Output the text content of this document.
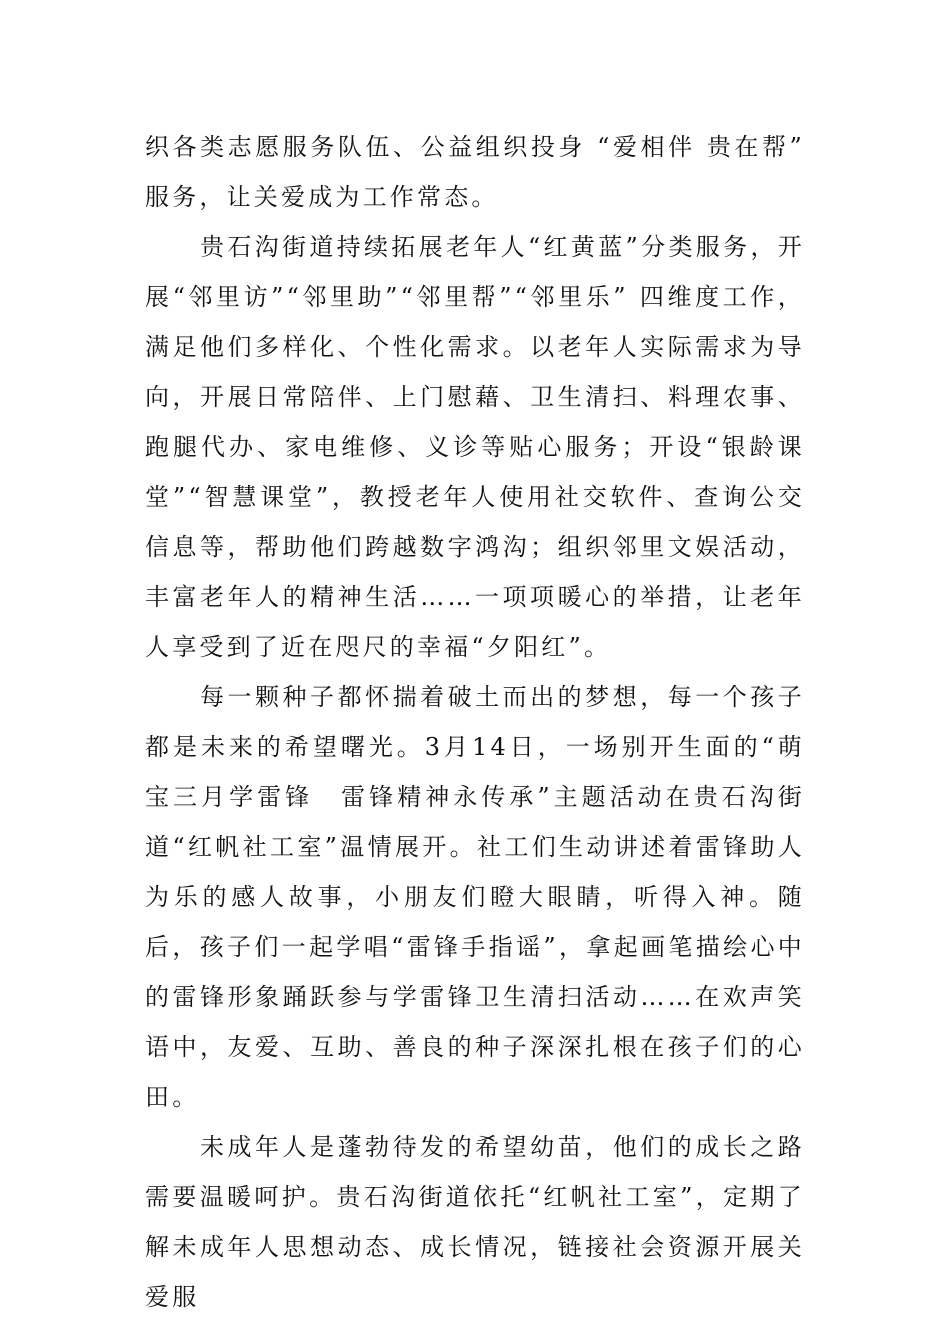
织各类志愿服务队伍、公益组织投身 “爱相伴 贵在帮” 服务，让关爱成为工作常态。

贵石沟街道持续拓展老年人“红黄蓝”分类服务，开展“邻里访”“邻里助”“邻里帮”“邻里乐” 四维度工作，满足他们多样化、个性化需求。以老年人实际需求为导向，开展日常陪伴、上门慰藉、卫生清扫、料理农事、跑腿代办、家电维修、义诊等贴心服务；开设“银龄课堂”“智慧课堂”，教授老年人使用社交软件、查询公交信息等，帮助他们跨越数字鸿沟；组织邻里文娱活动，丰富老年人的精神生活……一项项暖心的举措，让老年人享受到了近在咫尺的幸福“夕阳红”。

每一颗种子都怀揣着破土而出的梦想，每一个孩子都是未来的希望曙光。3月14日，一场别开生面的“萌宝三月学雷锋　雷锋精神永传承”主题活动在贵石沟街道“红帆社工室”温情展开。社工们生动讲述着雷锋助人为乐的感人故事，小朋友们瞪大眼睛，听得入神。随后，孩子们一起学唱“雷锋手指谣”，拿起画笔描绘心中的雷锋形象踊跃参与学雷锋卫生清扫活动……在欢声笑语中，友爱、互助、善良的种子深深扎根在孩子们的心田。

未成年人是蓬勃待发的希望幼苗，他们的成长之路需要温暖呵护。贵石沟街道依托“红帆社工室”，定期了解未成年人思想动态、成长情况，链接社会资源开展关爱服
